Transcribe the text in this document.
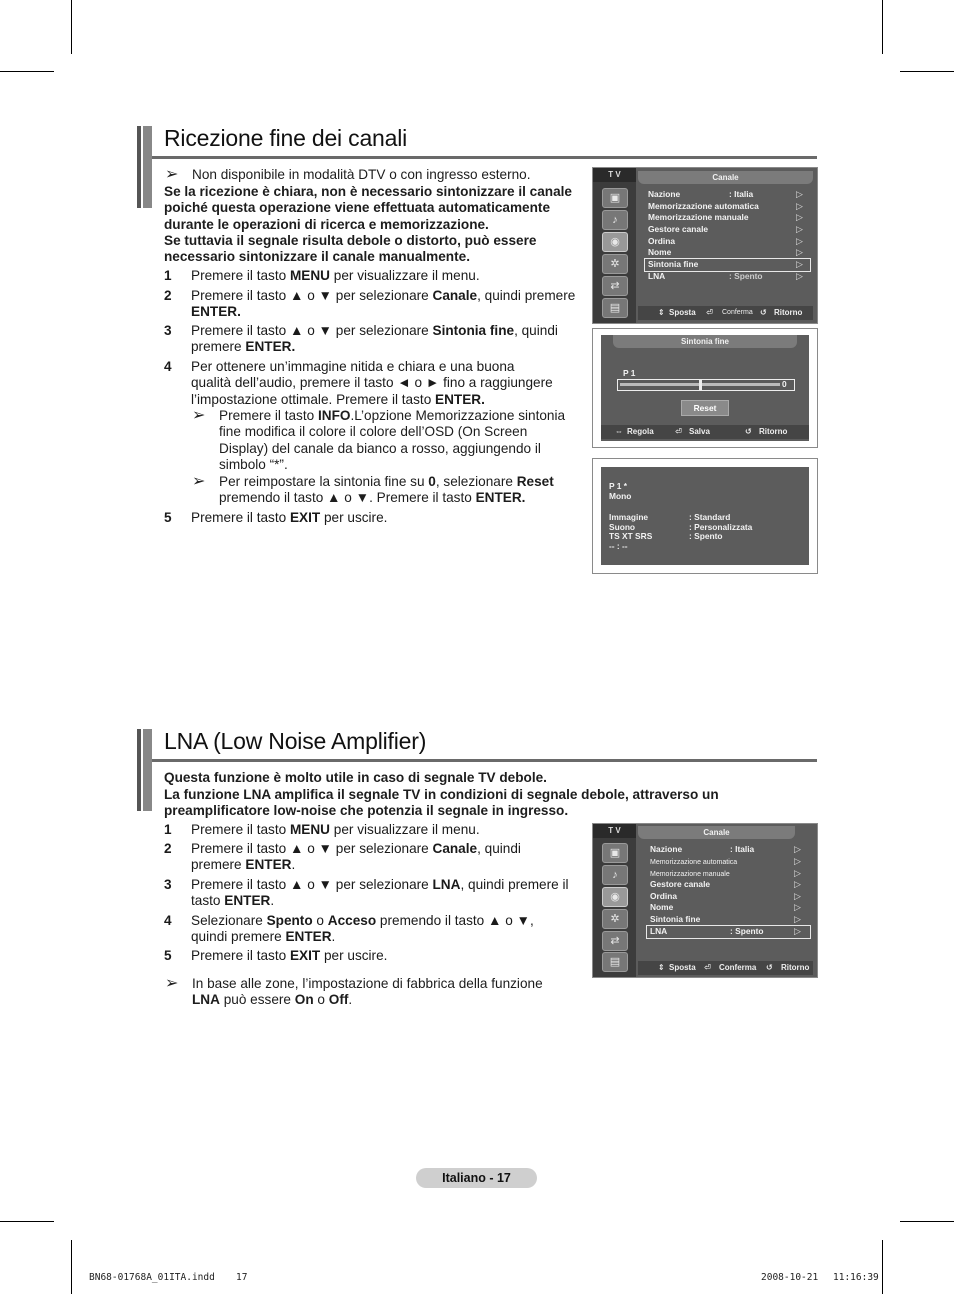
Ricezione fine dei canali
➢ Non disponibile in modalità DTV o con ingresso esterno.
Se la ricezione è chiara, non è necessario sintonizzare il canale
poiché questa operazione viene effettuata automaticamente
durante le operazioni di ricerca e memorizzazione.
Se tuttavia il segnale risulta debole o distorto, può essere
necessario sintonizzare il canale manualmente.
1 Premere il tasto MENU per visualizzare il menu.
2 Premere il tasto ▲ o ▼ per selezionare Canale, quindi premere
ENTER.
3 Premere il tasto ▲ o ▼ per selezionare Sintonia fine, quindi
premere ENTER.
4 Per ottenere un’immagine nitida e chiara e una buona
qualità dell’audio, premere il tasto ◄ o ► fino a raggiungere
l’impostazione ottimale. Premere il tasto ENTER.
➢ Premere il tasto INFO.L’opzione Memorizzazione sintonia
fine modifica il colore il colore dell’OSD (On Screen
Display) del canale da bianco a rosso, aggiungendo il
simbolo “*”.
➢ Per reimpostare la sintonia fine su 0, selezionare Reset
premendo il tasto ▲ o ▼. Premere il tasto ENTER.
5 Premere il tasto EXIT per uscire.
T V
▣
♪
◉
✲
⇄
▤
Canale
Nazione	: Italia	▷
Memorizzazione automatica	▷
Memorizzazione manuale	▷
Gestore canale	▷
Ordina	▷
Nome	▷
Sintonia fine	▷
LNA	: Spento	▷
⇕ Sposta ⏎ Conferma ↺ Ritorno
Sintonia fine
P 1
0
Reset
⇔ Regola	⏎ Salva	↺ Ritorno
P 1 *
Mono
Immagine	: Standard
Suono	: Personalizzata
TS XT SRS	: Spento
-- : --
LNA (Low Noise Amplifier)
Questa funzione è molto utile in caso di segnale TV debole.
La funzione LNA amplifica il segnale TV in condizioni di segnale debole, attraverso un
preamplificatore low-noise che potenzia il segnale in ingresso.
1 Premere il tasto MENU per visualizzare il menu.
2 Premere il tasto ▲ o ▼ per selezionare Canale, quindi
premere ENTER.
3 Premere il tasto ▲ o ▼ per selezionare LNA, quindi premere il
tasto ENTER.
4 Selezionare Spento o Acceso premendo il tasto ▲ o ▼,
quindi premere ENTER.
5 Premere il tasto EXIT per uscire.
➢ In base alle zone, l’impostazione di fabbrica della funzione
LNA può essere On o Off.
T V
▣
♪
◉
✲
⇄
▤
Canale
Nazione	: Italia	▷
Memorizzazione automatica	▷
Memorizzazione manuale	▷
Gestore canale	▷
Ordina	▷
Nome	▷
Sintonia fine	▷
LNA	: Spento	▷
⇕ Sposta ⏎ Conferma ↺ Ritorno
Italiano - 17
BN68-01768A_01ITA.indd 17	2008-10-21 11:16:39
